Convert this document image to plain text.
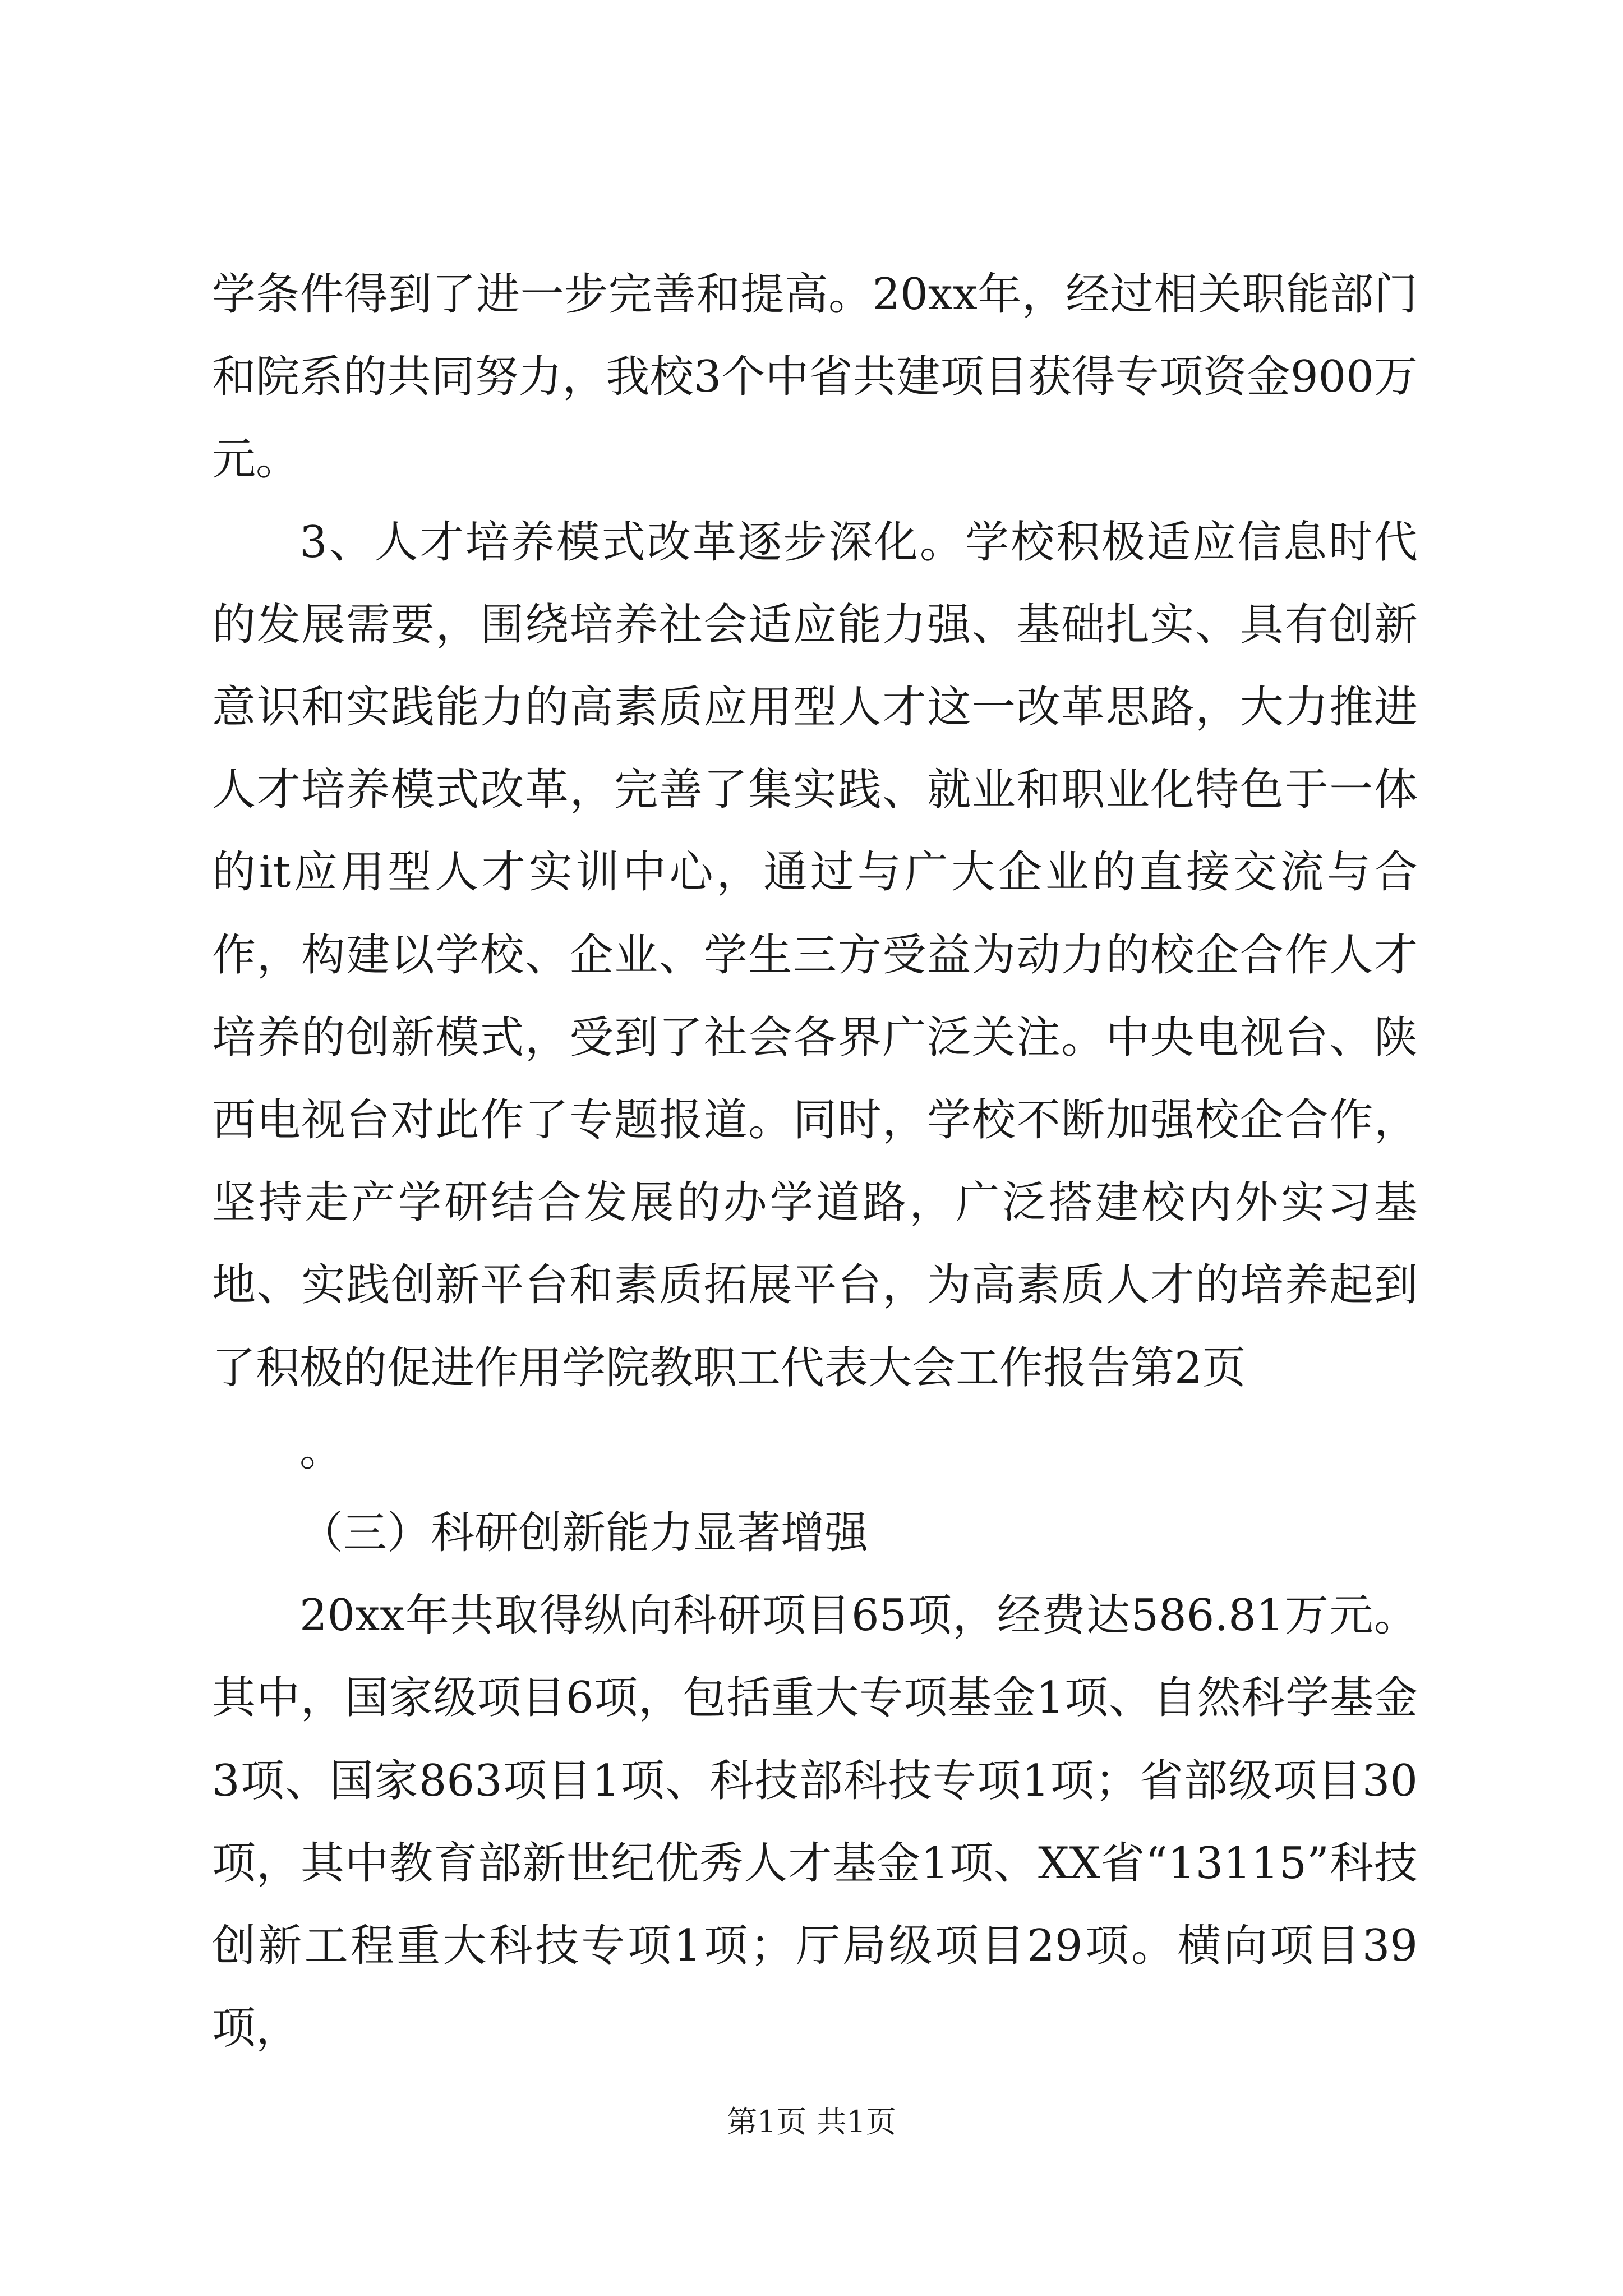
学条件得到了进一步完善和提高。20xx年，经过相关职能部门和院系的共同努力，我校3个中省共建项目获得专项资金900万元。

3、人才培养模式改革逐步深化。学校积极适应信息时代的发展需要，围绕培养社会适应能力强、基础扎实、具有创新意识和实践能力的高素质应用型人才这一改革思路，大力推进人才培养模式改革，完善了集实践、就业和职业化特色于一体的it应用型人才实训中心，通过与广大企业的直接交流与合作，构建以学校、企业、学生三方受益为动力的校企合作人才培养的创新模式，受到了社会各界广泛关注。中央电视台、陕西电视台对此作了专题报道。同时，学校不断加强校企合作，坚持走产学研结合发展的办学道路，广泛搭建校内外实习基地、实践创新平台和素质拓展平台，为高素质人才的培养起到了积极的促进作用学院教职工代表大会工作报告第2页

。

（三）科研创新能力显著增强

20xx年共取得纵向科研项目65项，经费达586.81万元。其中，国家级项目6项，包括重大专项基金1项、自然科学基金3项、国家863项目1项、科技部科技专项1项；省部级项目30项，其中教育部新世纪优秀人才基金1项、XX省“13115”科技创新工程重大科技专项1项；厅局级项目29项。横向项目39项，

第1页 共1页
